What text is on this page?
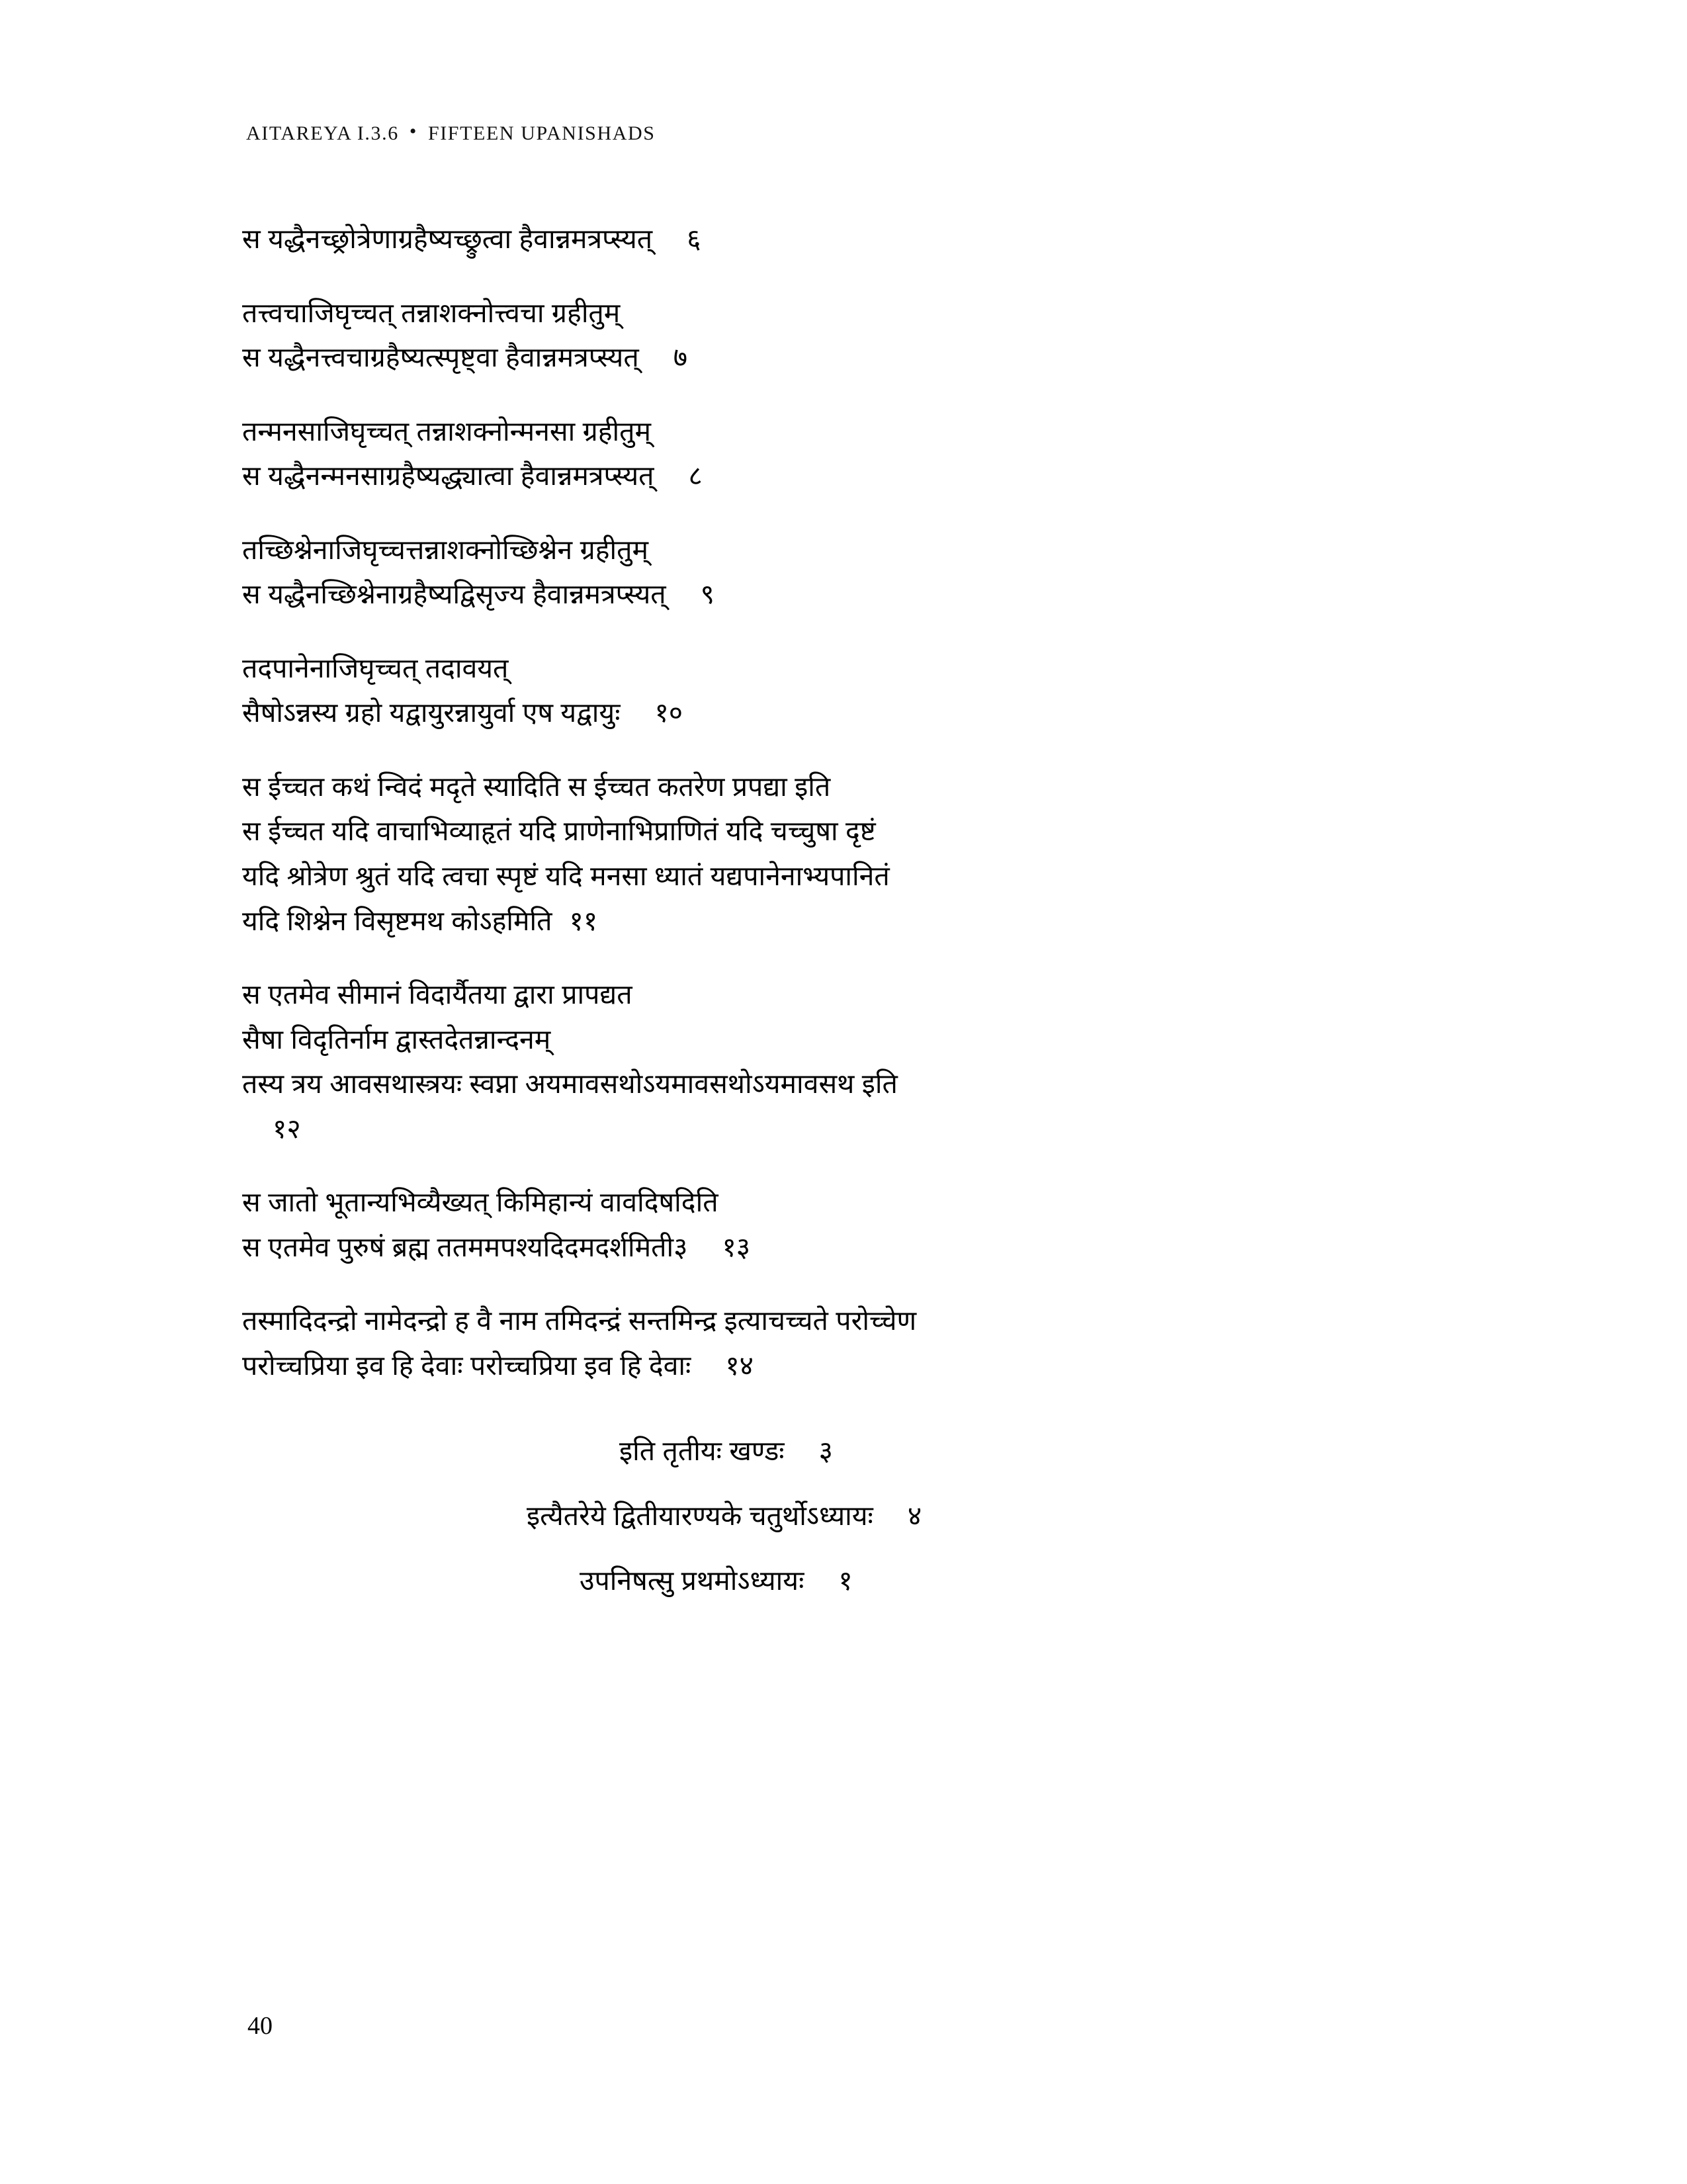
AITAREYA I.3.6 • FIFTEEN UPANISHADS
स यद्धैनच्छ्रोत्रेणाग्रहैष्यच्छ्रुत्वा हैवान्नमत्रप्स्यत् ६
तत्त्वचाजिघृच्चत् तन्नाशक्नोत्त्वचा ग्रहीतुम्
स यद्धैनत्त्वचाग्रहैष्यत्स्पृष्ट्वा हैवान्नमत्रप्स्यत् ७
तन्मनसाजिघृच्चत् तन्नाशक्नोन्मनसा ग्रहीतुम्
स यद्धैनन्मनसाग्रहैष्यद्ध्यात्वा हैवान्नमत्रप्स्यत् ८
तच्छिश्नेनाजिघृच्चत्तन्नाशक्नोच्छिश्नेन ग्रहीतुम्
स यद्धैनच्छिश्नेनाग्रहैष्यद्विसृज्य हैवान्नमत्रप्स्यत् ९
तदपानेनाजिघृच्चत् तदावयत्
सैषोऽन्नस्य ग्रहो यद्वायुरन्नायुर्वा एष यद्वायुः १०
स ईच्चत कथं न्विदं मदृते स्यादिति स ईच्चत कतरेण प्रपद्या इति
स ईच्चत यदि वाचाभिव्याहृतं यदि प्राणेनाभिप्राणितं यदि चच्चुषा दृष्टं
यदि श्रोत्रेण श्रुतं यदि त्वचा स्पृष्टं यदि मनसा ध्यातं यद्यपानेनाभ्यपानितं
यदि शिश्नेन विसृष्टमथ कोऽहमिति ११
स एतमेव सीमानं विदार्यैतया द्वारा प्रापद्यत
सैषा विदृतिर्नाम द्वास्तदेतन्नान्दनम्
तस्य त्रय आवसथास्त्रयः स्वप्ना अयमावसथोऽयमावसथोऽयमावसथ इति
१२
स जातो भूतान्यभिव्यैख्यत् किमिहान्यं वावदिषदिति
स एतमेव पुरुषं ब्रह्म ततममपश्यदिदमदर्शमिती३ १३
तस्मादिदन्द्रो नामेदन्द्रो ह वै नाम तमिदन्द्रं सन्तमिन्द्र इत्याचच्चते परोच्चेण
परोच्चप्रिया इव हि देवाः परोच्चप्रिया इव हि देवाः १४
इति तृतीयः खण्डः ३
इत्यैतरेये द्वितीयारण्यके चतुर्थोऽध्यायः ४
उपनिषत्सु प्रथमोऽध्यायः १
40
